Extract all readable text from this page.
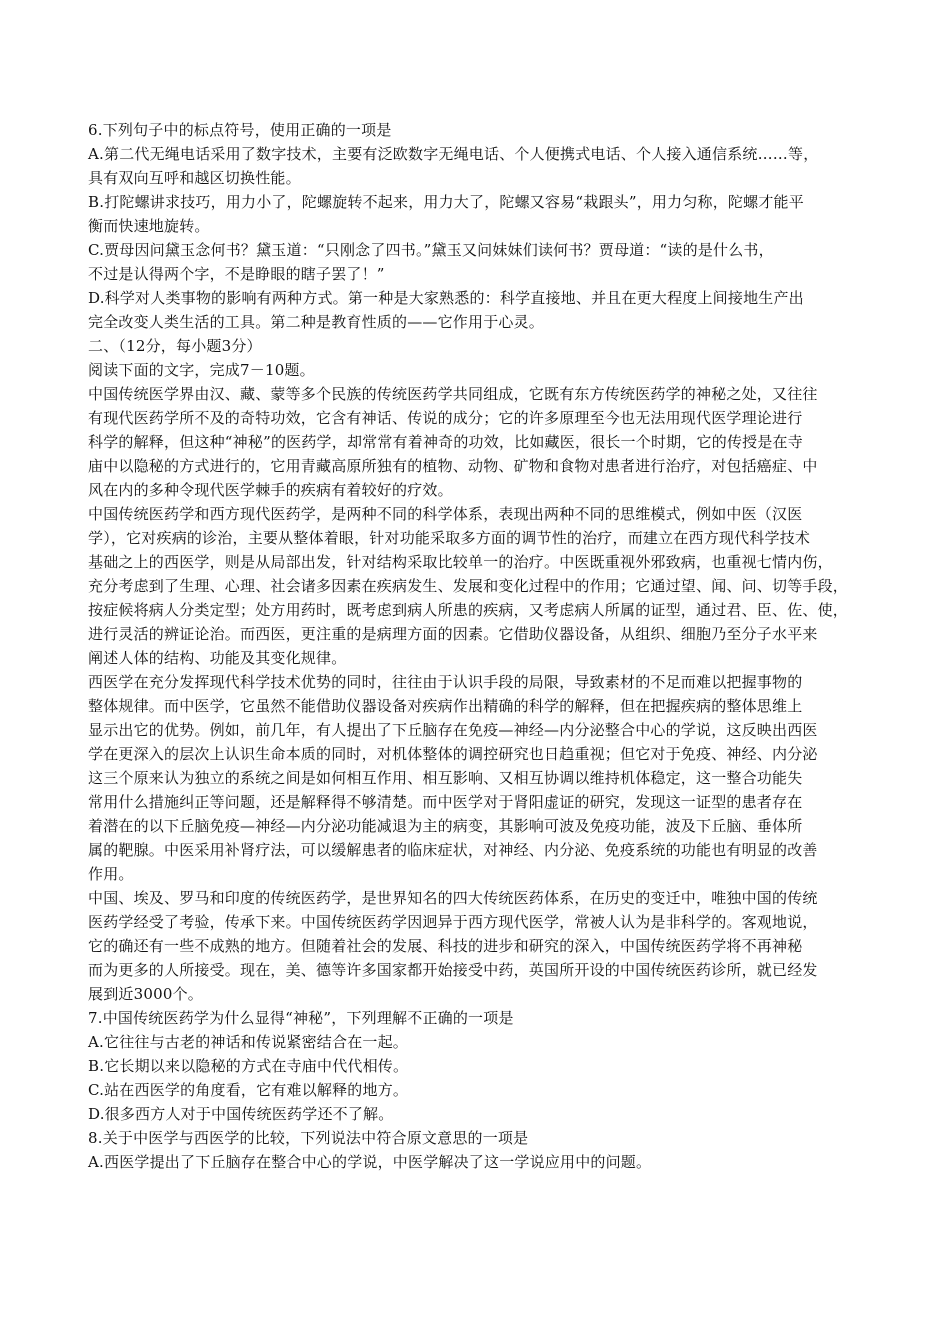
6.下列句子中的标点符号，使用正确的一项是
A.第二代无绳电话采用了数字技术，主要有泛欧数字无绳电话、个人便携式电话、个人接入通信系统……等，
具有双向互呼和越区切换性能。
B.打陀螺讲求技巧，用力小了，陀螺旋转不起来，用力大了，陀螺又容易“栽跟头”，用力匀称，陀螺才能平
衡而快速地旋转。
C.贾母因问黛玉念何书？黛玉道：“只刚念了四书。”黛玉又问妹妹们读何书？贾母道：“读的是什么书，
不过是认得两个字，不是睁眼的瞎子罢了！”
D.科学对人类事物的影响有两种方式。第一种是大家熟悉的：科学直接地、并且在更大程度上间接地生产出
完全改变人类生活的工具。第二种是教育性质的——它作用于心灵。
二、（12分，每小题3分）
阅读下面的文字，完成7－10题。
中国传统医学界由汉、藏、蒙等多个民族的传统医药学共同组成，它既有东方传统医药学的神秘之处，又往往
有现代医药学所不及的奇特功效，它含有神话、传说的成分；它的许多原理至今也无法用现代医学理论进行
科学的解释，但这种“神秘”的医药学，却常常有着神奇的功效，比如藏医，很长一个时期，它的传授是在寺
庙中以隐秘的方式进行的，它用青藏高原所独有的植物、动物、矿物和食物对患者进行治疗，对包括癌症、中
风在内的多种令现代医学棘手的疾病有着较好的疗效。
中国传统医药学和西方现代医药学，是两种不同的科学体系，表现出两种不同的思维模式，例如中医（汉医
学），它对疾病的诊治，主要从整体着眼，针对功能采取多方面的调节性的治疗，而建立在西方现代科学技术
基础之上的西医学，则是从局部出发，针对结构采取比较单一的治疗。中医既重视外邪致病，也重视七情内伤，
充分考虑到了生理、心理、社会诸多因素在疾病发生、发展和变化过程中的作用；它通过望、闻、问、切等手段，
按症候将病人分类定型；处方用药时，既考虑到病人所患的疾病，又考虑病人所属的证型，通过君、臣、佐、使，
进行灵活的辨证论治。而西医，更注重的是病理方面的因素。它借助仪器设备，从组织、细胞乃至分子水平来
阐述人体的结构、功能及其变化规律。
西医学在充分发挥现代科学技术优势的同时，往往由于认识手段的局限，导致素材的不足而难以把握事物的
整体规律。而中医学，它虽然不能借助仪器设备对疾病作出精确的科学的解释，但在把握疾病的整体思维上
显示出它的优势。例如，前几年，有人提出了下丘脑存在免疫—神经—内分泌整合中心的学说，这反映出西医
学在更深入的层次上认识生命本质的同时，对机体整体的调控研究也日趋重视；但它对于免疫、神经、内分泌
这三个原来认为独立的系统之间是如何相互作用、相互影响、又相互协调以维持机体稳定，这一整合功能失
常用什么措施纠正等问题，还是解释得不够清楚。而中医学对于肾阳虚证的研究，发现这一证型的患者存在
着潜在的以下丘脑免疫—神经—内分泌功能减退为主的病变，其影响可波及免疫功能，波及下丘脑、垂体所
属的靶腺。中医采用补肾疗法，可以缓解患者的临床症状，对神经、内分泌、免疫系统的功能也有明显的改善
作用。
中国、埃及、罗马和印度的传统医药学，是世界知名的四大传统医药体系，在历史的变迁中，唯独中国的传统
医药学经受了考验，传承下来。中国传统医药学因迥异于西方现代医学，常被人认为是非科学的。客观地说，
它的确还有一些不成熟的地方。但随着社会的发展、科技的进步和研究的深入，中国传统医药学将不再神秘
而为更多的人所接受。现在，美、德等许多国家都开始接受中药，英国所开设的中国传统医药诊所，就已经发
展到近3000个。
7.中国传统医药学为什么显得“神秘”，下列理解不正确的一项是
A.它往往与古老的神话和传说紧密结合在一起。
B.它长期以来以隐秘的方式在寺庙中代代相传。
C.站在西医学的角度看，它有难以解释的地方。
D.很多西方人对于中国传统医药学还不了解。
8.关于中医学与西医学的比较，下列说法中符合原文意思的一项是
A.西医学提出了下丘脑存在整合中心的学说，中医学解决了这一学说应用中的问题。
